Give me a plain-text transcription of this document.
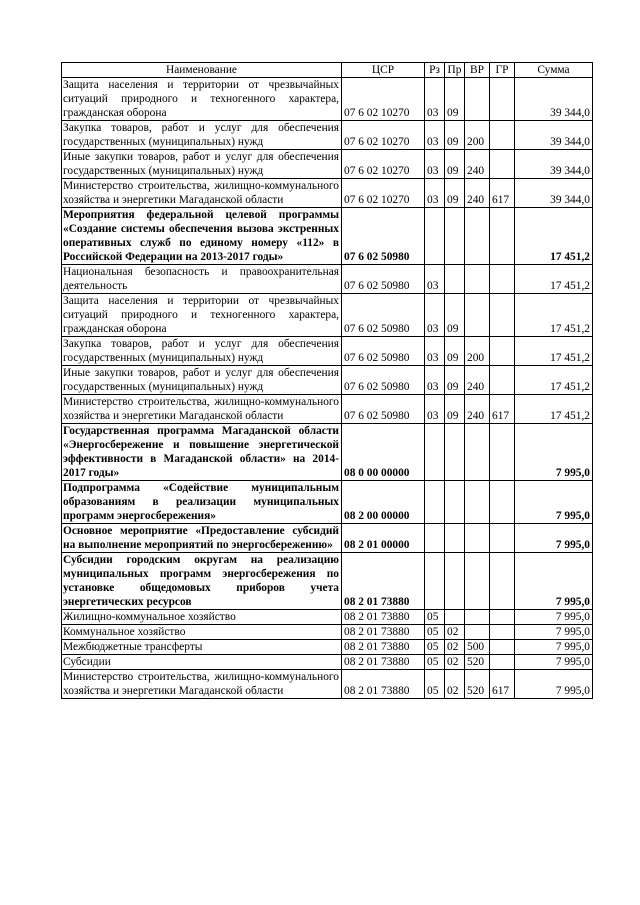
Наименование	ЦСР	Рз	Пр	ВР	ГР	Сумма
Защита населения и территории от чрезвычайных ситуаций природного и техногенного характера, гражданская оборона	07 6 02 10270	03	09			39 344,0
Закупка товаров, работ и услуг для обеспечения государственных (муниципальных) нужд	07 6 02 10270	03	09	200		39 344,0
Иные закупки товаров, работ и услуг для обеспечения государственных (муниципальных) нужд	07 6 02 10270	03	09	240		39 344,0
Министерство строительства, жилищно-коммунального хозяйства и энергетики Магаданской области	07 6 02 10270	03	09	240	617	39 344,0
Мероприятия федеральной целевой программы «Создание системы обеспечения вызова экстренных оперативных служб по единому номеру «112» в Российской Федерации на 2013-2017 годы»	07 6 02 50980					17 451,2
Национальная безопасность и правоохранительная деятельность	07 6 02 50980	03				17 451,2
Защита населения и территории от чрезвычайных ситуаций природного и техногенного характера, гражданская оборона	07 6 02 50980	03	09			17 451,2
Закупка товаров, работ и услуг для обеспечения государственных (муниципальных) нужд	07 6 02 50980	03	09	200		17 451,2
Иные закупки товаров, работ и услуг для обеспечения государственных (муниципальных) нужд	07 6 02 50980	03	09	240		17 451,2
Министерство строительства, жилищно-коммунального хозяйства и энергетики Магаданской области	07 6 02 50980	03	09	240	617	17 451,2
Государственная программа Магаданской области «Энергосбережение и повышение энергетической эффективности в Магаданской области» на 2014-2017 годы»	08 0 00 00000					7 995,0
Подпрограмма «Содействие муниципальным образованиям в реализации муниципальных программ энергосбережения»	08 2 00 00000					7 995,0
Основное мероприятие «Предоставление субсидий на выполнение мероприятий по энергосбережению»	08 2 01 00000					7 995,0
Субсидии городским округам на реализацию муниципальных программ энергосбережения по установке общедомовых приборов учета энергетических ресурсов	08 2 01 73880					7 995,0
Жилищно-коммунальное хозяйство	08 2 01 73880	05				7 995,0
Коммунальное хозяйство	08 2 01 73880	05	02			7 995,0
Межбюджетные трансферты	08 2 01 73880	05	02	500		7 995,0
Субсидии	08 2 01 73880	05	02	520		7 995,0
Министерство строительства, жилищно-коммунального хозяйства и энергетики Магаданской области	08 2 01 73880	05	02	520	617	7 995,0
